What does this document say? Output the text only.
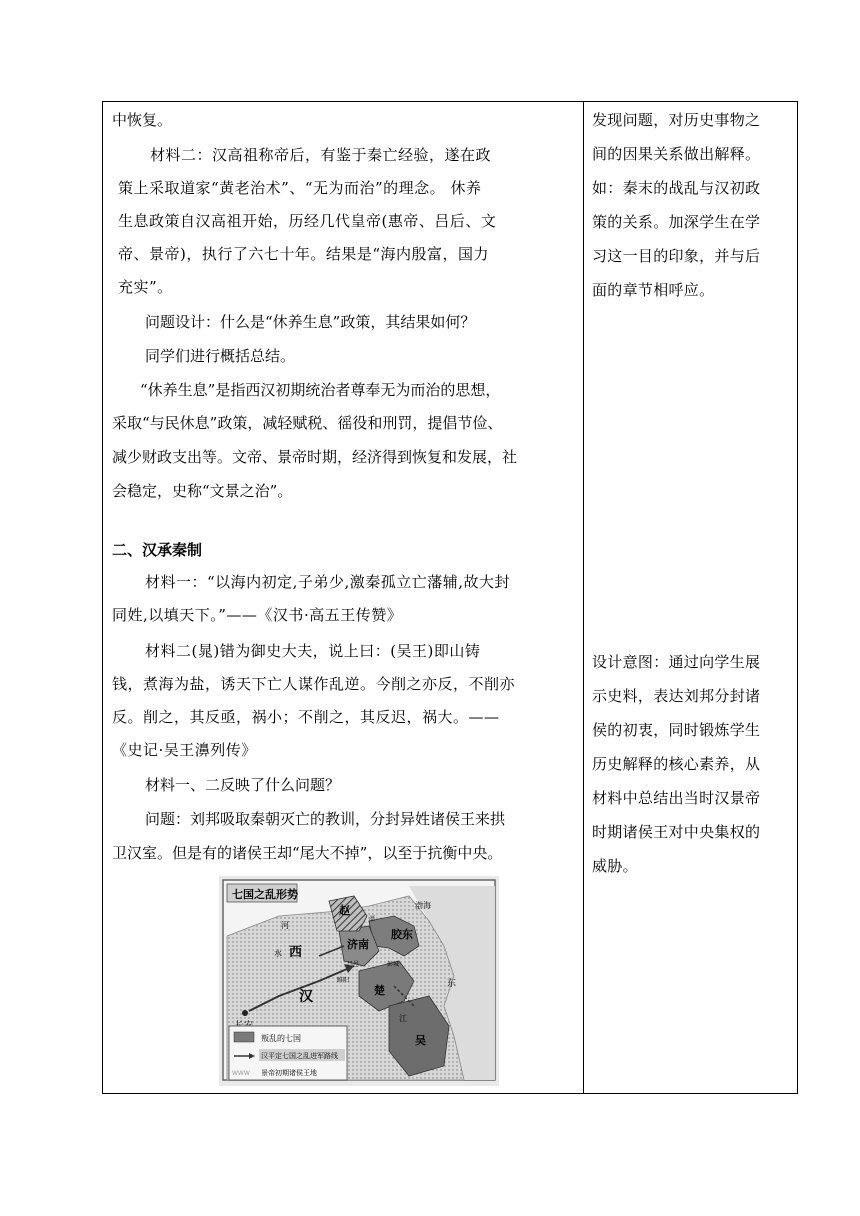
中恢复。
材料二：汉高祖称帝后，有鉴于秦亡经验，遂在政
策上采取道家“黄老治术”、“无为而治”的理念。 休养
生息政策自汉高祖开始，历经几代皇帝(惠帝、吕后、文
帝、景帝)，执行了六七十年。结果是“海内殷富，国力
充实”。
问题设计：什么是“休养生息”政策，其结果如何？
同学们进行概括总结。
“休养生息”是指西汉初期统治者尊奉无为而治的思想，
采取“与民休息”政策，减轻赋税、徭役和刑罚，提倡节俭、
减少财政支出等。文帝、景帝时期，经济得到恢复和发展，社
会稳定，史称“文景之治”。
二、汉承秦制
材料一：“以海内初定,子弟少,激秦孤立亡藩辅,故大封
同姓,以填天下。”——《汉书·高五王传赞》
材料二(晁)错为御史大夫，说上曰：(吴王)即山铸
钱，煮海为盐，诱天下亡人谋作乱逆。今削之亦反，不削亦
反。削之，其反亟，祸小；不削之，其反迟，祸大。——
《史记·吴王濞列传》
材料一、二反映了什么问题？
问题：刘邦吸取秦朝灭亡的教训，分封异姓诸侯王来拱
卫汉室。但是有的诸侯王却“尾大不掉”，以至于抗衡中央。
发现问题，对历史事物之
间的因果关系做出解释。
如：秦末的战乱与汉初政
策的关系。加深学生在学
习这一目的印象，并与后
面的章节相呼应。
设计意图：通过向学生展
示史料，表达刘邦分封诸
侯的初衷，同时锻炼学生
历史解释的核心素养，从
材料中总结出当时汉景帝
时期诸侯王对中央集权的
威胁。
七国之乱形势
赵
济南
胶东
楚
吴
汉
西
渤海
河
水
东
江
淄
昌邑
睢阳
彭城
叛乱的七国
汉平定七国之乱进军路线
WWW 景帝初期诸侯王地
